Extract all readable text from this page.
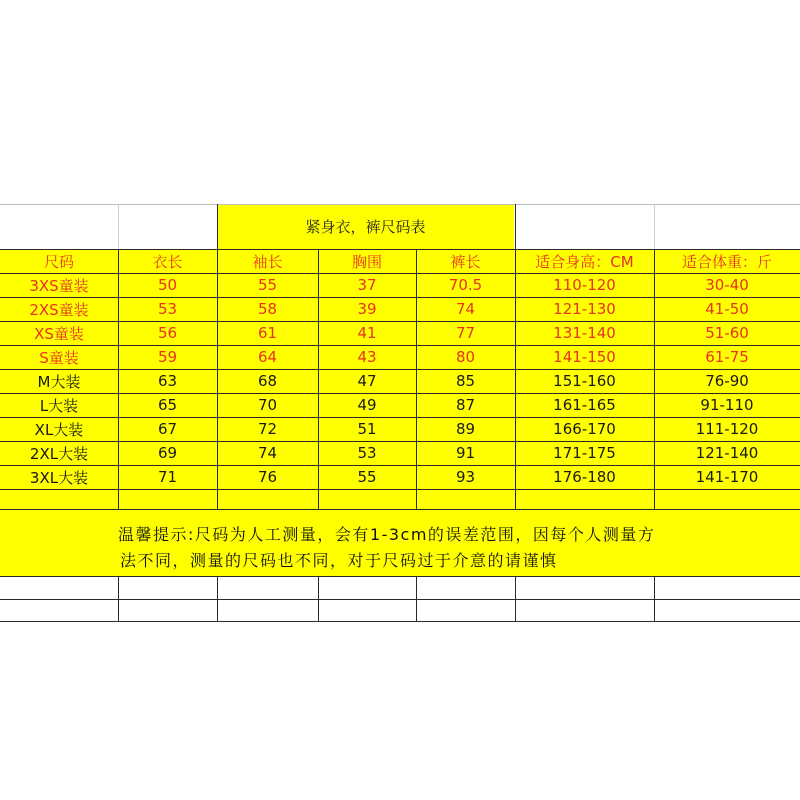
紧身衣，裤尺码表
尺码	衣长	袖长	胸围	裤长	适合身高：CM	适合体重：斤
3XS童装	50	55	37	70.5	110-120	30-40
2XS童装	53	58	39	74	121-130	41-50
XS童装	56	61	41	77	131-140	51-60
S童装	59	64	43	80	141-150	61-75
M大装	63	68	47	85	151-160	76-90
L大装	65	70	49	87	161-165	91-110
XL大装	67	72	51	89	166-170	111-120
2XL大装	69	74	53	91	171-175	121-140
3XL大装	71	76	55	93	176-180	141-170
温馨提示:尺码为人工测量，会有1-3cm的误差范围，因每个人测量方
法不同，测量的尺码也不同，对于尺码过于介意的请谨慎
